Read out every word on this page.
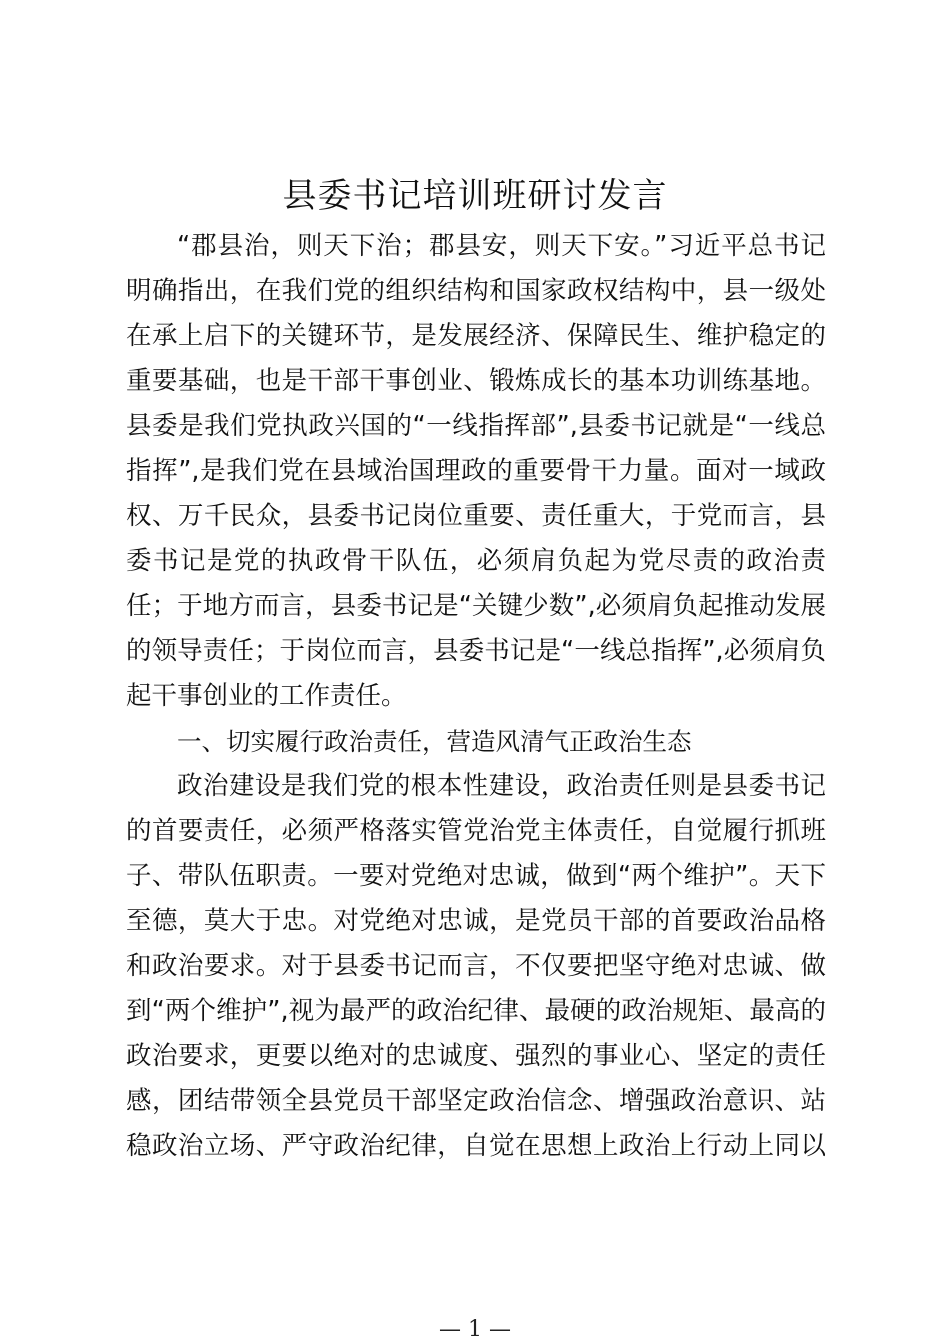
县委书记培训班研讨发言
“郡县治，则天下治；郡县安，则天下安。”习近平总书记
明确指出，在我们党的组织结构和国家政权结构中，县一级处
在承上启下的关键环节，是发展经济、保障民生、维护稳定的
重要基础，也是干部干事创业、锻炼成长的基本功训练基地。
县委是我们党执政兴国的“一线指挥部”,县委书记就是“一线总
指挥”,是我们党在县域治国理政的重要骨干力量。面对一域政
权、万千民众，县委书记岗位重要、责任重大，于党而言，县
委书记是党的执政骨干队伍，必须肩负起为党尽责的政治责
任；于地方而言，县委书记是“关键少数”,必须肩负起推动发展
的领导责任；于岗位而言，县委书记是“一线总指挥”,必须肩负
起干事创业的工作责任。
一、切实履行政治责任，营造风清气正政治生态
政治建设是我们党的根本性建设，政治责任则是县委书记
的首要责任，必须严格落实管党治党主体责任，自觉履行抓班
子、带队伍职责。一要对党绝对忠诚，做到“两个维护”。天下
至德，莫大于忠。对党绝对忠诚，是党员干部的首要政治品格
和政治要求。对于县委书记而言，不仅要把坚守绝对忠诚、做
到“两个维护”,视为最严的政治纪律、最硬的政治规矩、最高的
政治要求，更要以绝对的忠诚度、强烈的事业心、坚定的责任
感，团结带领全县党员干部坚定政治信念、增强政治意识、站
稳政治立场、严守政治纪律，自觉在思想上政治上行动上同以
— 1 —
